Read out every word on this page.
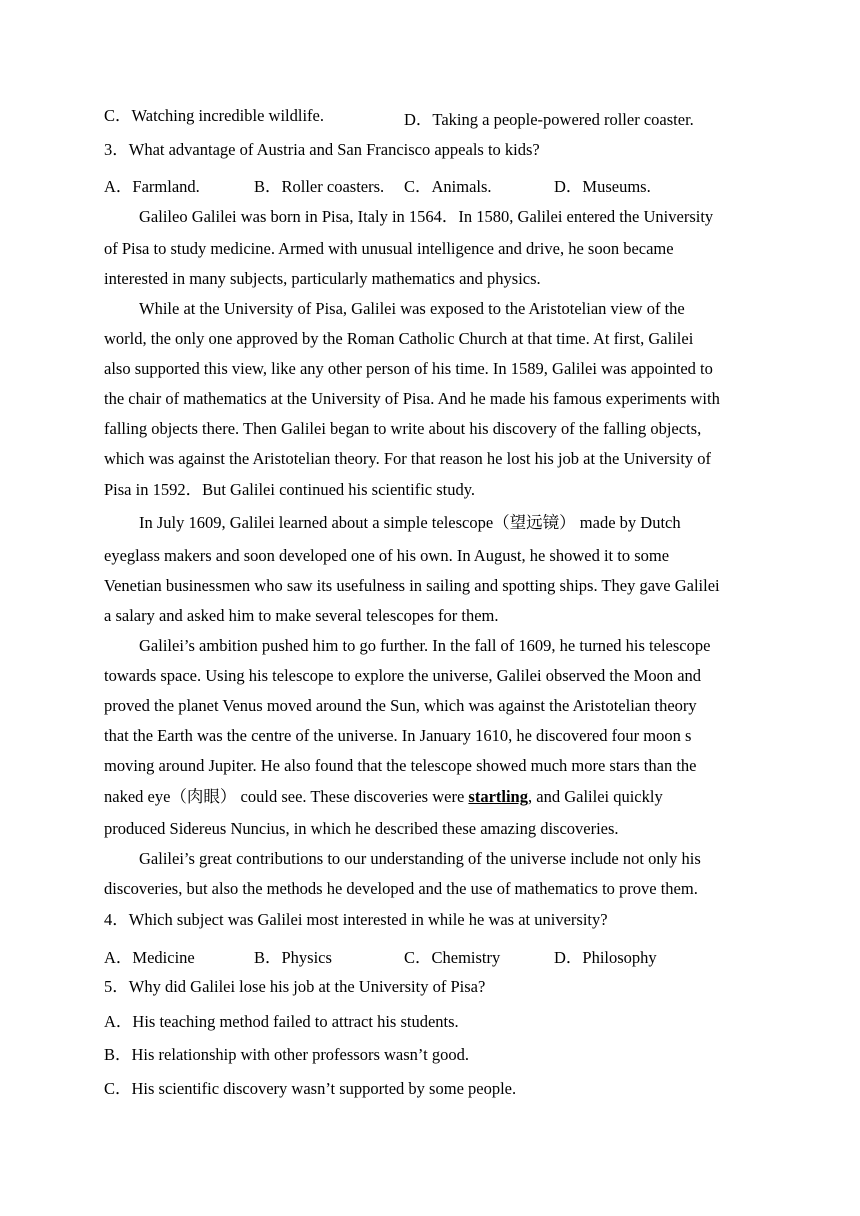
C．Watching incredible wildlife.	D．Taking a people-powered roller coaster.
3．What advantage of Austria and San Francisco appeals to kids?
A．Farmland.	B．Roller coasters. C．Animals.	D．Museums.
Galileo Galilei was born in Pisa, Italy in 1564．In 1580, Galilei entered the University
of Pisa to study medicine. Armed with unusual intelligence and drive, he soon became
interested in many subjects, particularly mathematics and physics.
While at the University of Pisa, Galilei was exposed to the Aristotelian view of the
world, the only one approved by the Roman Catholic Church at that time. At first, Galilei
also supported this view, like any other person of his time. In 1589, Galilei was appointed to
the chair of mathematics at the University of Pisa. And he made his famous experiments with
falling objects there. Then Galilei began to write about his discovery of the falling objects,
which was against the Aristotelian theory. For that reason he lost his job at the University of
Pisa in 1592．But Galilei continued his scientific study.
In July 1609, Galilei learned about a simple telescope（望远镜） made by Dutch
eyeglass makers and soon developed one of his own. In August, he showed it to some
Venetian businessmen who saw its usefulness in sailing and spotting ships. They gave Galilei
a salary and asked him to make several telescopes for them.
Galilei’s ambition pushed him to go further. In the fall of 1609, he turned his telescope
towards space. Using his telescope to explore the universe, Galilei observed the Moon and
proved the planet Venus moved around the Sun, which was against the Aristotelian theory
that the Earth was the centre of the universe. In January 1610, he discovered four moon s
moving around Jupiter. He also found that the telescope showed much more stars than the
naked eye（肉眼） could see. These discoveries were startling, and Galilei quickly
produced Sidereus Nuncius, in which he described these amazing discoveries.
Galilei’s great contributions to our understanding of the universe include not only his
discoveries, but also the methods he developed and the use of mathematics to prove them.
4．Which subject was Galilei most interested in while he was at university?
A．Medicine	B．Physics	C．Chemistry	D．Philosophy
5．Why did Galilei lose his job at the University of Pisa?
A．His teaching method failed to attract his students.
B．His relationship with other professors wasn’t good.
C．His scientific discovery wasn’t supported by some people.
